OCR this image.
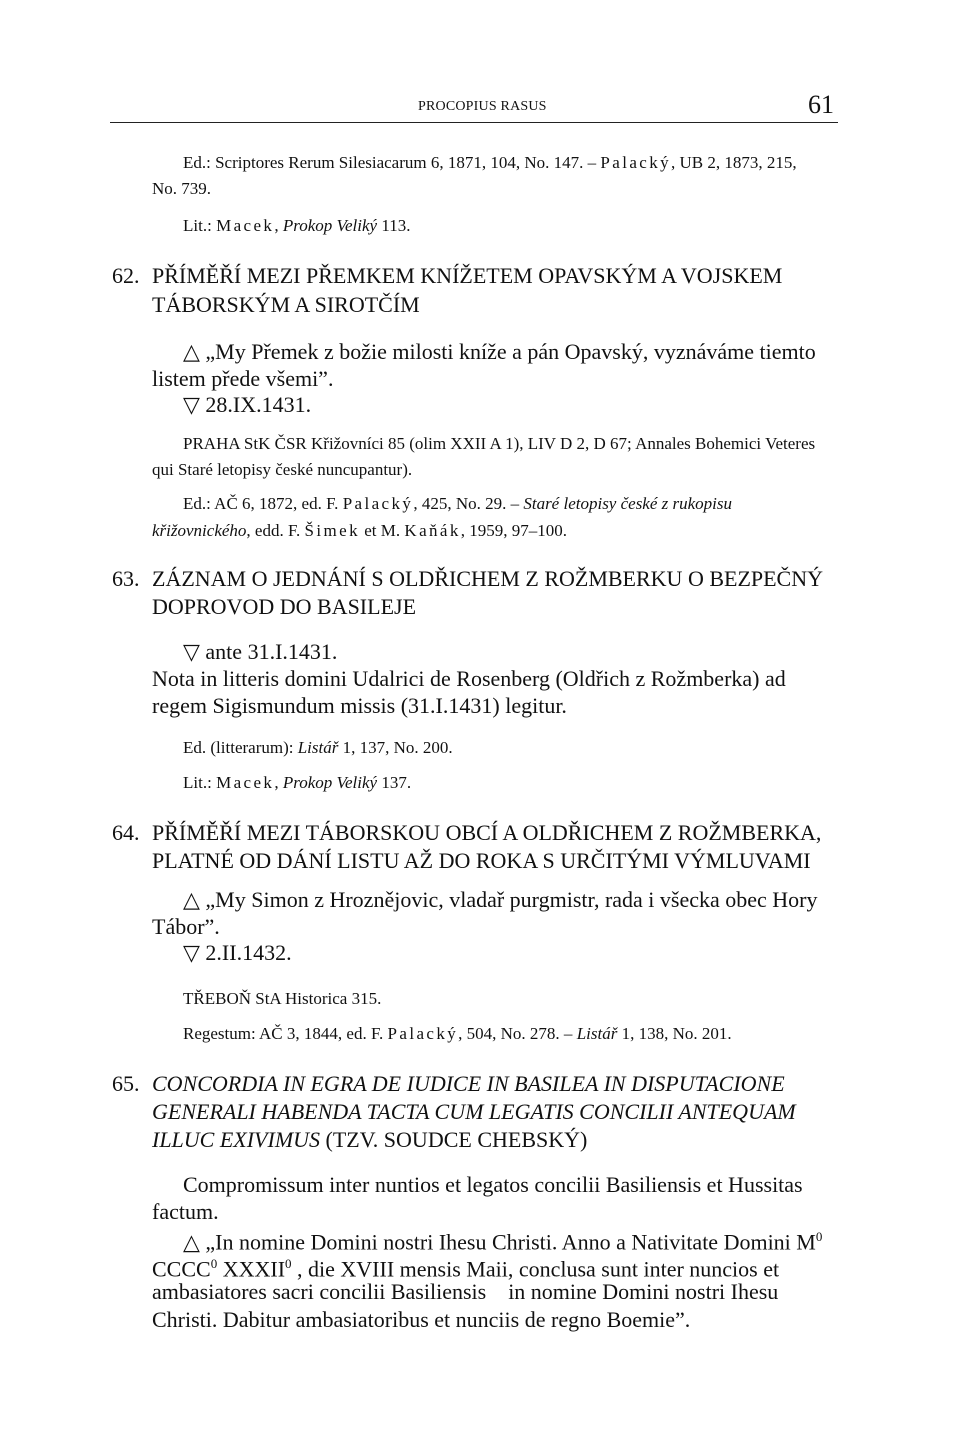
PROCOPIUS RASUS	61
Ed.: Scriptores Rerum Silesiacarum 6, 1871, 104, No. 147. – Palacký, UB 2, 1873, 215,
No. 739.
Lit.: Macek, Prokop Veliký 113.
62. PŘÍMĚŘÍ MEZI PŘEMKEM KNÍŽETEM OPAVSKÝM A VOJSKEM
TÁBORSKÝM A SIROTČÍM
△ „My Přemek z božie milosti kníže a pán Opavský, vyznáváme tiemto
listem přede všemi”.
▽ 28.IX.1431.
PRAHA StK ČSR Křižovníci 85 (olim XXII A 1), LIV D 2, D 67; Annales Bohemici Veteres
qui Staré letopisy české nuncupantur).
Ed.: AČ 6, 1872, ed. F. Palacký, 425, No. 29. – Staré letopisy české z rukopisu
křižovnického, edd. F. Šimek et M. Kaňák, 1959, 97–100.
63. ZÁZNAM O JEDNÁNÍ S OLDŘICHEM Z ROŽMBERKU O BEZPEČNÝ
DOPROVOD DO BASILEJE
▽ ante 31.I.1431.
Nota in litteris domini Udalrici de Rosenberg (Oldřich z Rožmberka) ad
regem Sigismundum missis (31.I.1431) legitur.
Ed. (litterarum): Listář 1, 137, No. 200.
Lit.: Macek, Prokop Veliký 137.
64. PŘÍMĚŘÍ MEZI TÁBORSKOU OBCÍ A OLDŘICHEM Z ROŽMBERKA,
PLATNÉ OD DÁNÍ LISTU AŽ DO ROKA S URČITÝMI VÝMLUVAMI
△ „My Simon z Hroznějovic, vladař purgmistr, rada i všecka obec Hory
Tábor”.
▽ 2.II.1432.
TŘEBOŇ StA Historica 315.
Regestum: AČ 3, 1844, ed. F. Palacký, 504, No. 278. – Listář 1, 138, No. 201.
65. CONCORDIA IN EGRA DE IUDICE IN BASILEA IN DISPUTACIONE
GENERALI HABENDA TACTA CUM LEGATIS CONCILII ANTEQUAM
ILLUC EXIVIMUS (TZV. SOUDCE CHEBSKÝ)
Compromissum inter nuntios et legatos concilii Basiliensis et Hussitas
factum.
△ „In nomine Domini nostri Ihesu Christi. Anno a Nativitate Domini $M^0$
CCCC$^0$ XXXII$^0$ , die XVIII mensis Maii, conclusa sunt inter nuncios et
ambasiatores sacri concilii Basiliensis    in nomine Domini nostri Ihesu
Christi. Dabitur ambasiatoribus et nunciis de regno Boemie”.
